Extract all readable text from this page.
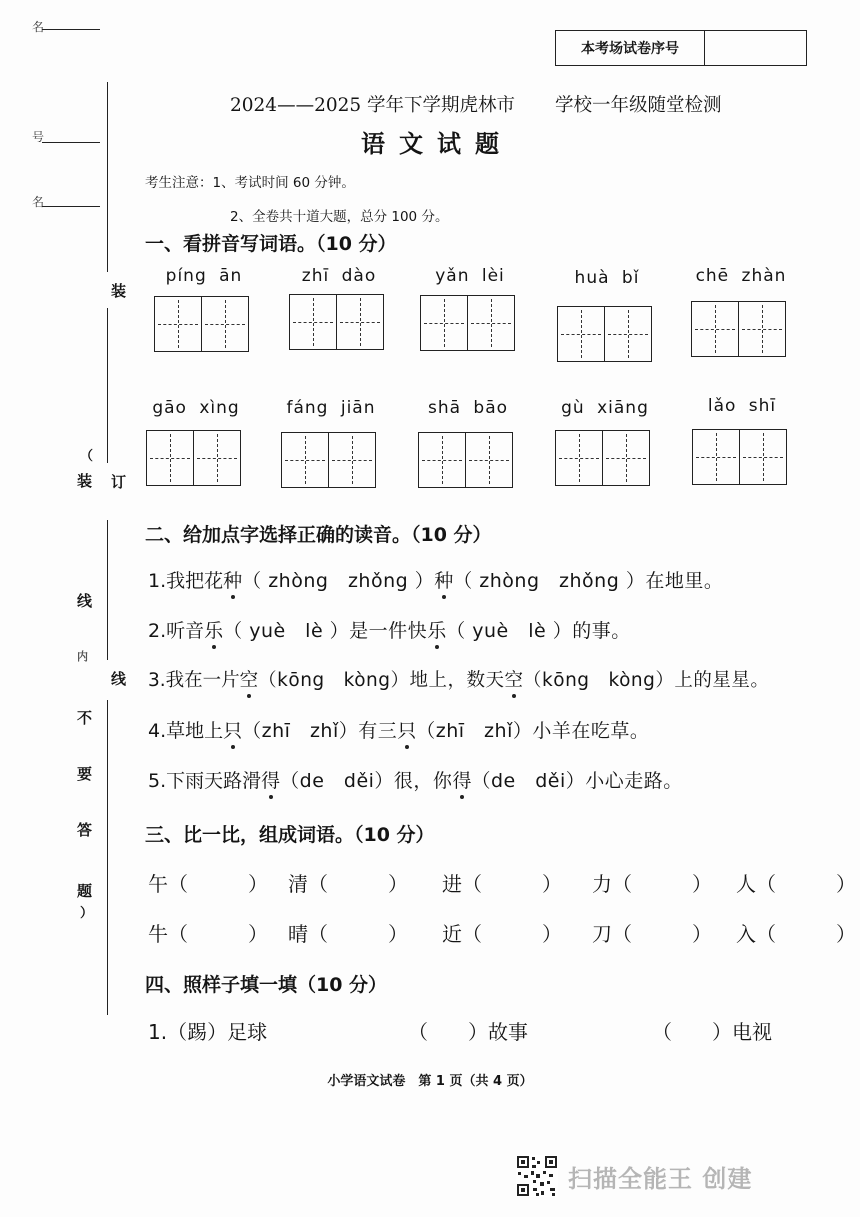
名
号
名
装
订
线
（
装
线
内
不
要
答
题
）
本考场试卷序号
2024——2025 学年下学期虎林市 学校一年级随堂检测
语文试题
考生注意：1、考试时间 60 分钟。
2、全卷共十道大题，总分 100 分。
一、看拼音写词语。（10 分）
píng ān	zhī dào	yǎn lèi	huà bǐ	chē zhàn
gāo xìng	fáng jiān	shā bāo	gù xiāng	lǎo shī
二、给加点字选择正确的读音。（10 分）
1.我把花种（ zhòng　zhǒng ）种（ zhòng　zhǒng ）在地里。
2.听音乐（ yuè　lè ）是一件快乐（ yuè　lè ）的事。
3.我在一片空（kōng　kòng）地上，数天空（kōng　kòng）上的星星。
4.草地上只（zhī　zhǐ）有三只（zhī　zhǐ）小羊在吃草。
5.下雨天路滑得（de　děi）很，你得（de　děi）小心走路。
三、比一比，组成词语。（10 分）
午（　　　） 清（　　　） 进（　　　） 力（　　　） 人（　　　）
牛（　　　） 晴（　　　） 近（　　　） 刀（　　　） 入（　　　）
四、照样子填一填（10 分）
1.（踢）足球	（　　）故事	（　　）电视
小学语文试卷　第 1 页（共 4 页）
扫描全能王 创建
